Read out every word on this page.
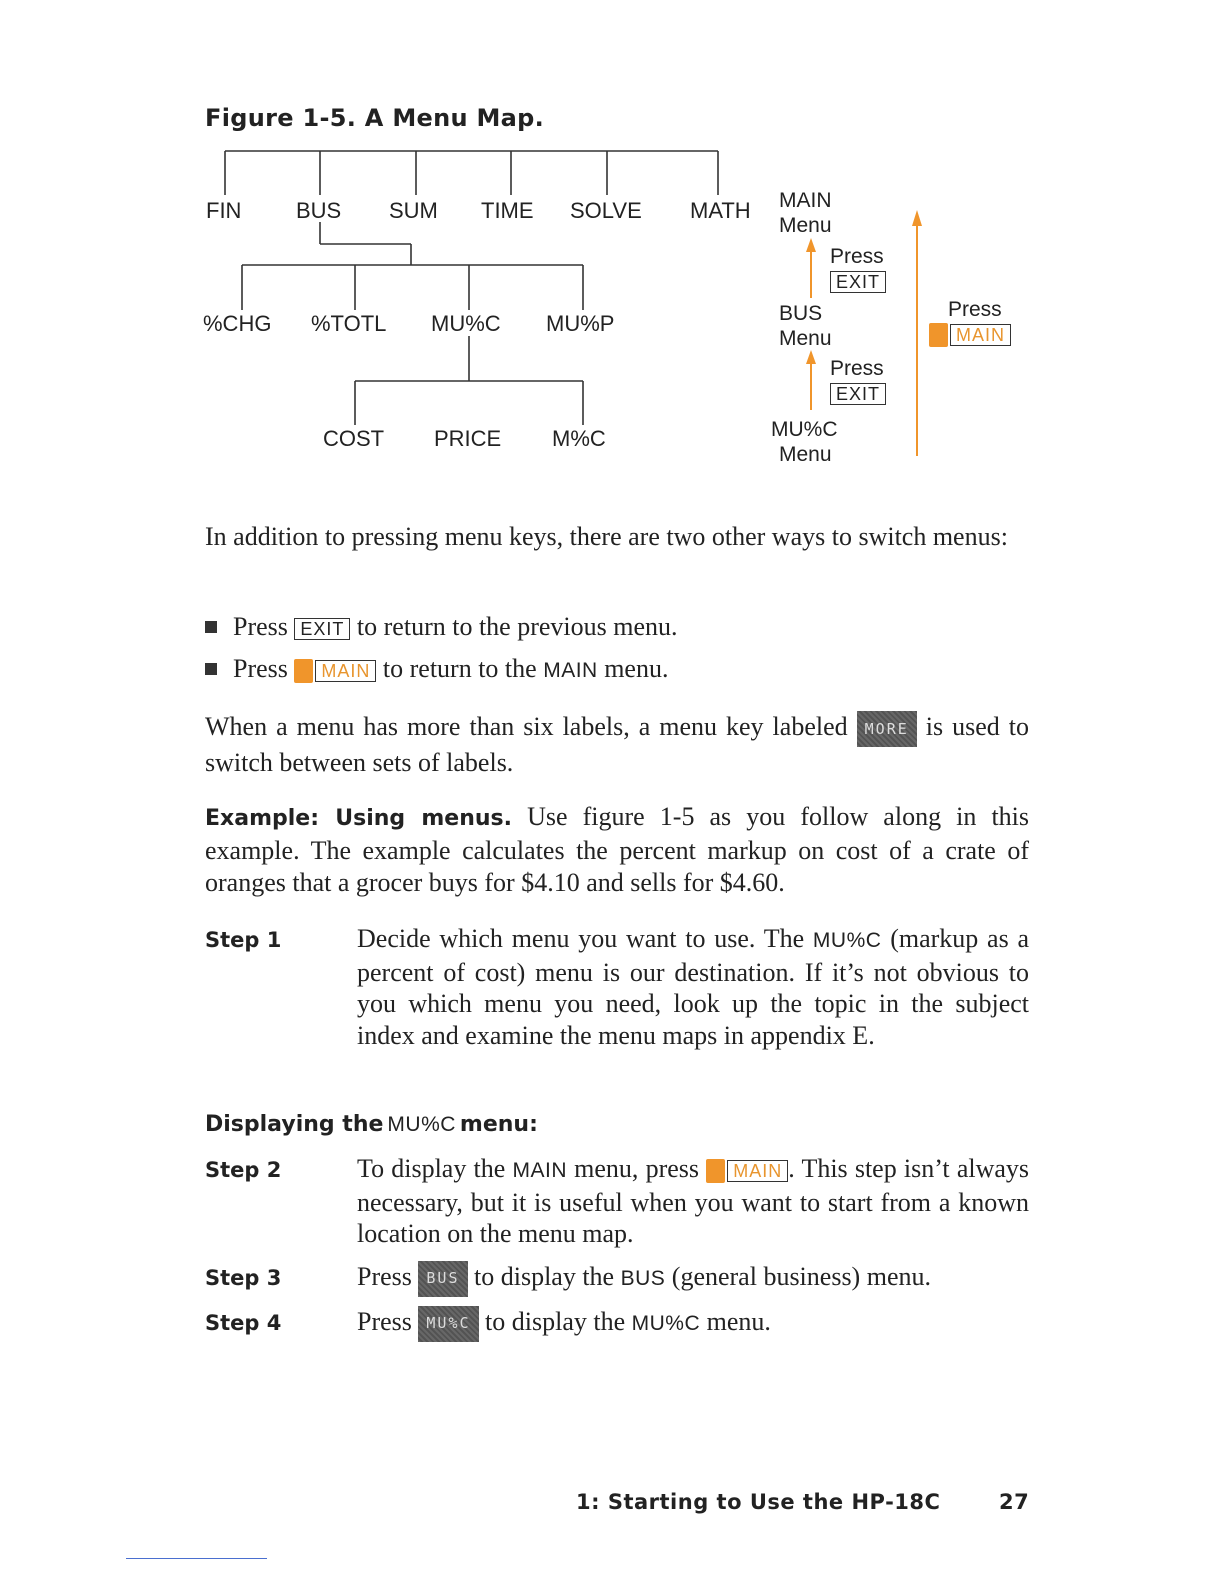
Figure 1-5. A Menu Map.
FIN BUS SUM TIME SOLVE MATH
%CHG %TOTL MU%C MU%P
COST PRICE M%C
MAIN
Menu
Press
EXIT
BUS
Menu
Press
EXIT
MU%C
Menu
Press
MAIN
In addition to pressing menu keys, there are two other ways to switch menus:
Press EXIT to return to the previous menu.
Press MAIN to return to the MAIN menu.
When a menu has more than six labels, a menu key labeled MORE is used to switch between sets of labels.
Example: Using menus. Use figure 1-5 as you follow along in this example. The example calculates the percent markup on cost of a crate of oranges that a grocer buys for $4.10 and sells for $4.60.
Step 1	Decide which menu you want to use. The MU%C (markup as a percent of cost) menu is our destination. If it’s not obvious to you which menu you need, look up the topic in the subject index and examine the menu maps in appendix E.
Displaying the MU%C menu:
Step 2	To display the MAIN menu, press MAIN . This step isn’t always necessary, but it is useful when you want to start from a known location on the menu map.
Step 3	Press BUS to display the BUS (general business) menu.
Step 4	Press MU%C to display the MU%C menu.
1: Starting to Use the HP-18C	27
